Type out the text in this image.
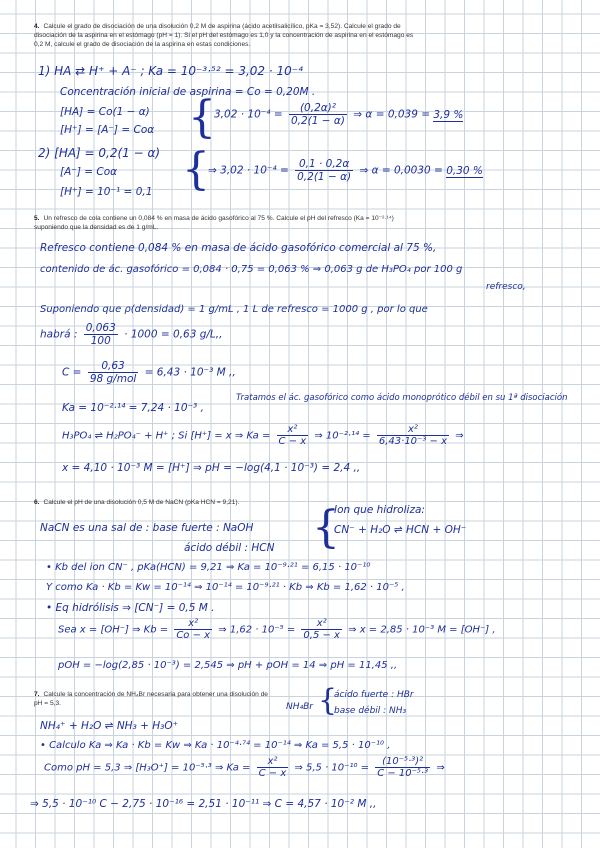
4. Calcule el grado de disociación de una disolución 0,2 M de aspirina (ácido acetilsalicílico, pKa = 3,52). Calcule el grado de disociación de la aspirina en el estómago (pH = 1). Si el pH del estómago es 1,0 y la concentración de aspirina en el estómago es 0,2 M, calcule el grado de disociación de la aspirina en estas condiciones.
1) HA ⇄ H⁺ + A⁻ ; Ka = 10⁻³·⁵² = 3,02 · 10⁻⁴
Concentración inicial de aspirina = Co = 0,20M .
[HA] = Co(1 − α)
[H⁺] = [A⁻] = Coα {
$3,02 \cdot 10^{-4} = \frac{\text{(0,2α)²}}{0,2(1 - \alpha)}$ ⇒ α = 0,039 = 3,9 %
2) [HA] = 0,2(1 − α)
[A⁻] = Coα
[H⁺] = 10⁻¹ = 0,1 {
⇒ $3,02 \cdot 10^{-4} = \frac{0,1 \cdot 0,2\alpha}{0,2(1 - \alpha)}$ ⇒ α = 0,0030 = 0,30 %
5. Un refresco de cola contiene un 0,084 % en masa de ácido gasofórico al 75 %. Calcule el pH del refresco (Ka = 10⁻²·¹⁴) suponiendo que la densidad es de 1 g/mL.
Refresco contiene 0,084 % en masa de ácido gasofórico comercial al 75 %,
contenido de ác. gasofórico = 0,084 · 0,75 = 0,063 % ⇒ 0,063 g de H₃PO₄ por 100 g
refresco,
Suponiendo que ρ(densidad) = 1 g/mL , 1 L de refresco = 1000 g , por lo que
habrá : $\frac{0,063}{100} \cdot 1000 = 0,63$ g/L,,
$C = \frac{0,63}{\text{98 g/mol}} = 6,43 \cdot 10^{-3}$ M ,,
Ka = 10⁻²·¹⁴ = 7,24 · 10⁻³ ,
Tratamos el ác. gasofórico como ácido monoprótico débil en su 1ª disociación
H₃PO₄ ⇌ H₂PO₄⁻ + H⁺ ; Si [H⁺] = x ⇒ $Ka = \frac{\text{x²}}{C - x}$ ⇒ $10^{-2}\cdot^{14} = \frac{\text{x²}}{\text{6,43·10⁻³ − x}}$ ⇒
x = 4,10 · 10⁻³ M = [H⁺] ⇒ pH = −log(4,1 · 10⁻³) = 2,4 ,,
6. Calcule el pH de una disolución 0,5 M de NaCN (pKa HCN = 9,21).
NaCN es una sal de : base fuerte : NaOH
ácido débil : HCN {
Ion que hidroliza:
CN⁻ + H₂O ⇌ HCN + OH⁻
• Kb del ion CN⁻ , pKa(HCN) = 9,21 ⇒ Ka = 10⁻⁹·²¹ = 6,15 · 10⁻¹⁰
Y como Ka · Kb = Kw = 10⁻¹⁴ ⇒ 10⁻¹⁴ = 10⁻⁹·²¹ · Kb ⇒ Kb = 1,62 · 10⁻⁵ ,
• Eq hidrólisis ⇒ [CN⁻] = 0,5 M .
Sea x = [OH⁻] ⇒ $Kb = \frac{\text{x²}}{Co - x}$ ⇒ $1,62 \cdot 10^{-5} = \frac{\text{x²}}{0,5 - x}$ ⇒ x = 2,85 · 10⁻³ M = [OH⁻] ,
pOH = −log(2,85 · 10⁻³) = 2,545 ⇒ pH + pOH = 14 ⇒ pH = 11,45 ,,
7. Calcule la concentración de NH₄Br necesaria para obtener una disolución de pH = 5,3.	NH₄Br {
ácido fuerte : HBr
base débil : NH₃
NH₄⁺ + H₂O ⇌ NH₃ + H₃O⁺
• Calculo Ka ⇒ Ka · Kb = Kw ⇒ Ka · 10⁻⁴·⁷⁴ = 10⁻¹⁴ ⇒ Ka = 5,5 · 10⁻¹⁰ ,
Como pH = 5,3 ⇒ [H₃O⁺] = 10⁻⁵·³ ⇒ $Ka = \frac{\text{x²}}{C - x}$ ⇒ $5,5 \cdot 10^{-10} = \frac{\text{(10⁻⁵·³)²}}{\text{C − 10⁻⁵·³}}$ ⇒
⇒ 5,5 · 10⁻¹⁰ C − 2,75 · 10⁻¹⁶ = 2,51 · 10⁻¹¹ ⇒ C = 4,57 · 10⁻² M ,,
